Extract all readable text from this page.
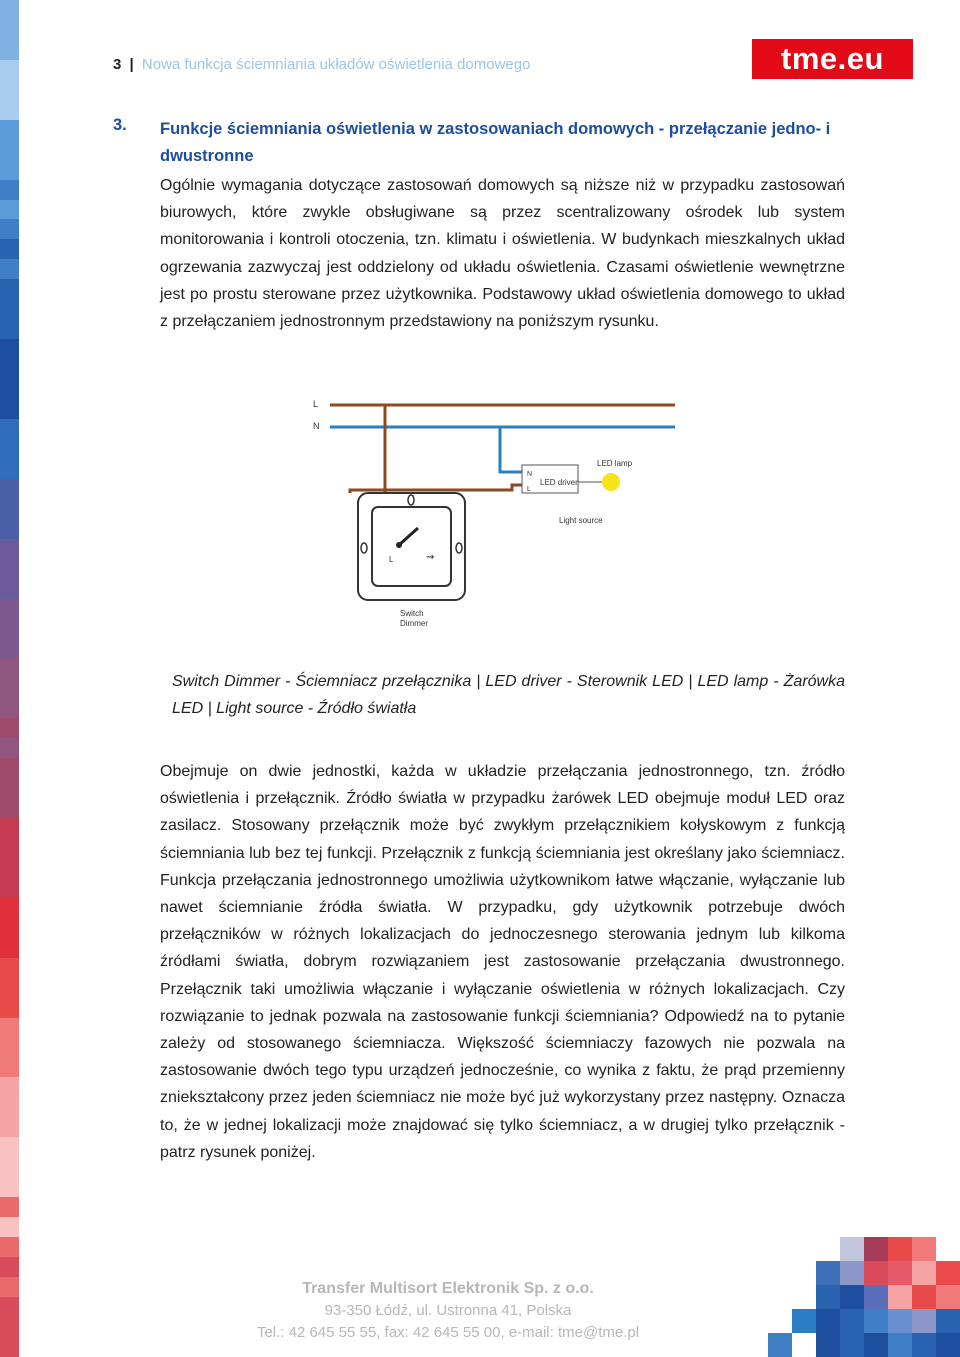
3 | Nowa funkcja ściemniania układów oświetlenia domowego	tme.eu
3. Funkcje ściemniania oświetlenia w zastosowaniach domowych - przełączanie jedno- i dwustronne
Ogólnie wymagania dotyczące zastosowań domowych są niższe niż w przypadku zastosowań biurowych, które zwykle obsługiwane są przez scentralizowany ośrodek lub system monitorowania i kontroli otoczenia, tzn. klimatu i oświetlenia. W budynkach mieszkalnych układ ogrzewania zazwyczaj jest oddzielony od układu oświetlenia. Czasami oświetlenie wewnętrzne jest po prostu sterowane przez użytkownika. Podstawowy układ oświetlenia domowego to układ z przełączaniem jednostronnym przedstawiony na poniższym rysunku.
L
N
N
L
LED driver
LED lamp
Light source
⇝
L
Switch
Dimmer
Switch Dimmer - Ściemniacz przełącznika | LED driver - Sterownik LED | LED lamp - Żarówka LED | Light source - Źródło światła
Obejmuje on dwie jednostki, każda w układzie przełączania jednostronnego, tzn. źródło oświetlenia i przełącznik. Źródło światła w przypadku żarówek LED obejmuje moduł LED oraz zasilacz. Stosowany przełącznik może być zwykłym przełącznikiem kołyskowym z funkcją ściemniania lub bez tej funkcji. Przełącznik z funkcją ściemniania jest określany jako ściemniacz. Funkcja przełączania jednostronnego umożliwia użytkownikom łatwe włączanie, wyłączanie lub nawet ściemnianie źródła światła. W przypadku, gdy użytkownik potrzebuje dwóch przełączników w różnych lokalizacjach do jednoczesnego sterowania jednym lub kilkoma źródłami światła, dobrym rozwiązaniem jest zastosowanie przełączania dwustronnego. Przełącznik taki umożliwia włączanie i wyłączanie oświetlenia w różnych lokalizacjach. Czy rozwiązanie to jednak pozwala na zastosowanie funkcji ściemniania? Odpowiedź na to pytanie zależy od stosowanego ściemniacza. Większość ściemniaczy fazowych nie pozwala na zastosowanie dwóch tego typu urządzeń jednocześnie, co wynika z faktu, że prąd przemienny zniekształcony przez jeden ściemniacz nie może być już wykorzystany przez następny. Oznacza to, że w jednej lokalizacji może znajdować się tylko ściemniacz, a w drugiej tylko przełącznik - patrz rysunek poniżej.
Transfer Multisort Elektronik Sp. z o.o.
93-350 Łódź, ul. Ustronna 41, Polska
Tel.: 42 645 55 55, fax: 42 645 55 00, e-mail: tme@tme.pl
